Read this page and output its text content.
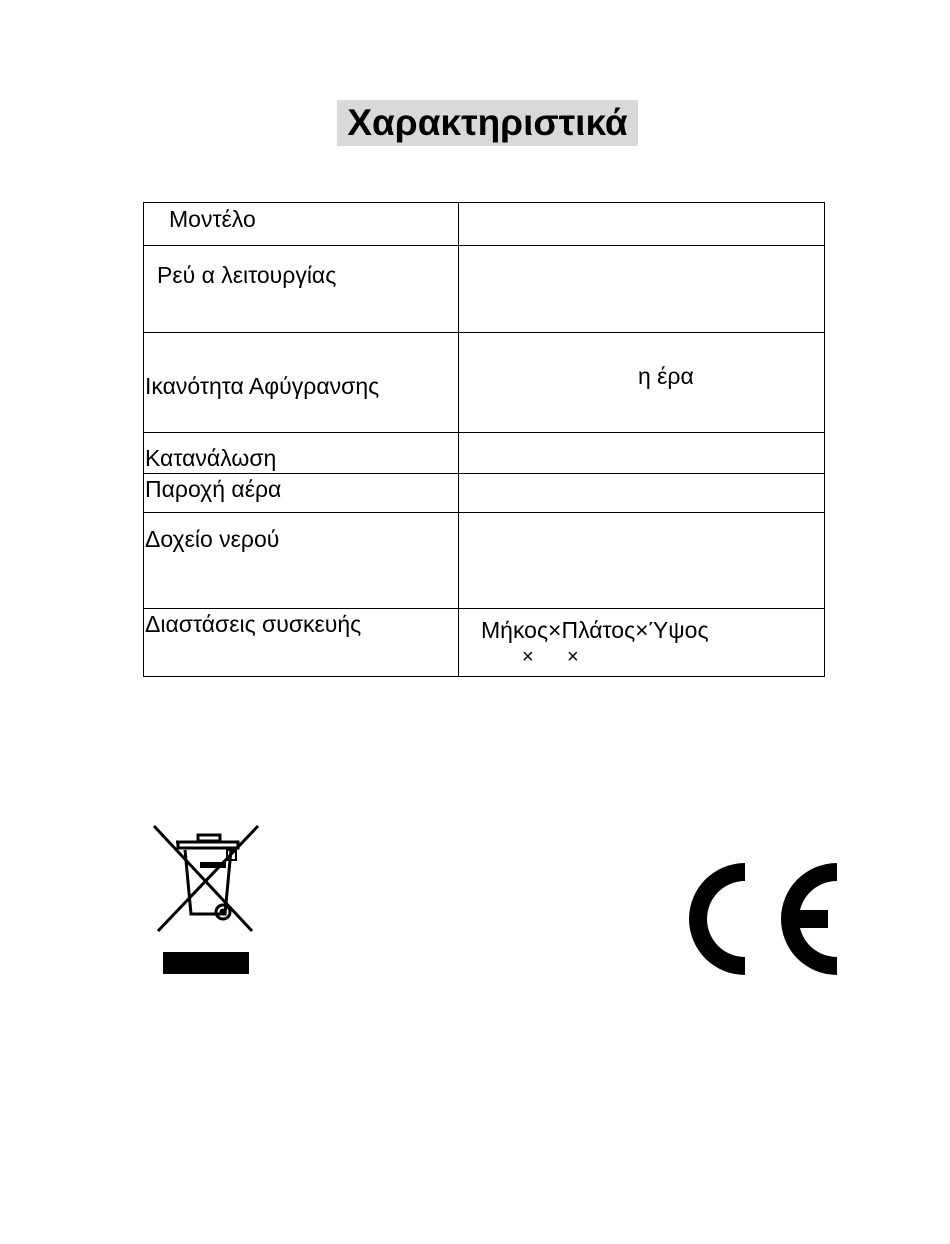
Χαρακτηριστικά
Μοντέλο	

Ρεύ α λειτουργίας	

Ικανότητα Αφύγρανσης	η έρα

Κατανάλωση	

Παροχή αέρα	

Δοχείο νερού	

Διαστάσεις συσκευής	Μήκος×Πλάτος×Ύψος
×      ×
